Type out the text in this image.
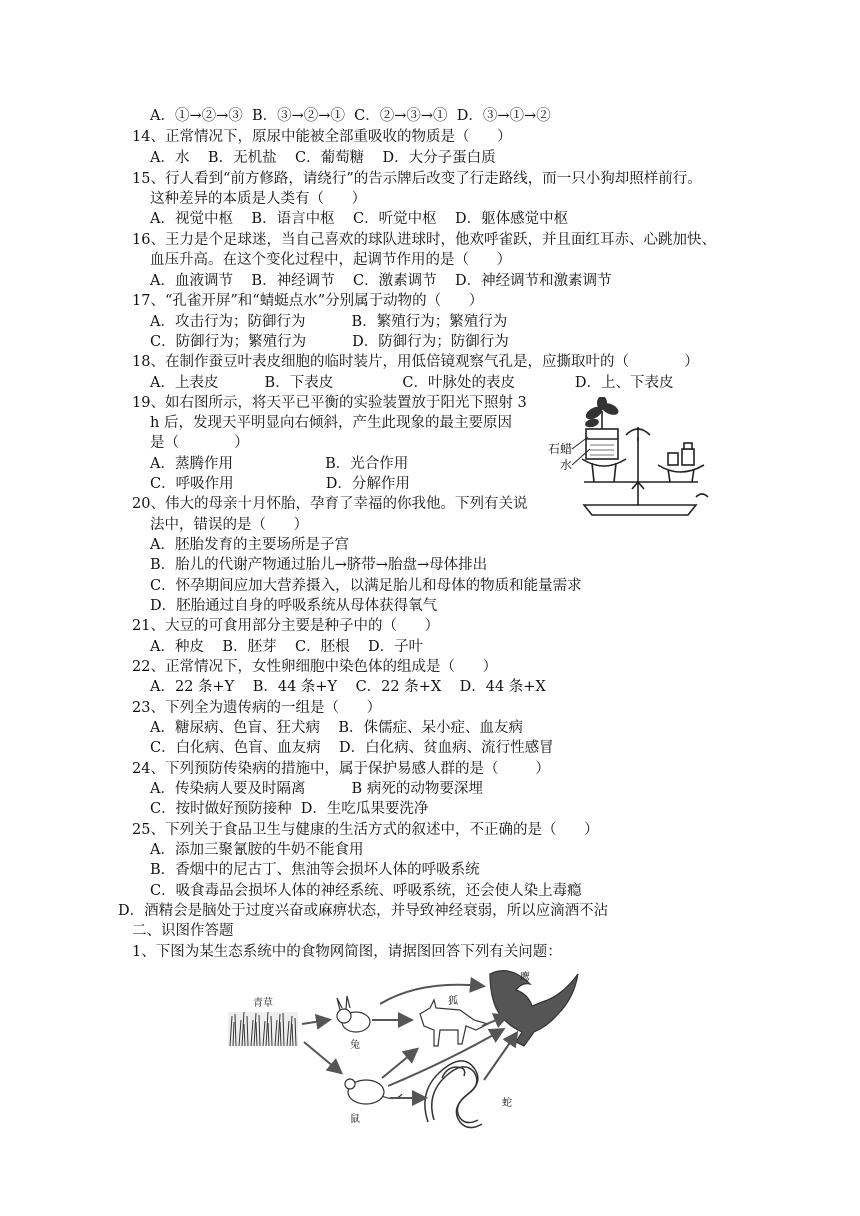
A．①→②→③  B．③→②→①  C．②→③→①  D．③→①→②
14、正常情况下，原尿中能被全部重吸收的物质是（      ）
A．水    B．无机盐    C．葡萄糖    D．大分子蛋白质
15、行人看到“前方修路，请绕行”的告示牌后改变了行走路线，而一只小狗却照样前行。
这种差异的本质是人类有（      ）
A．视觉中枢    B．语言中枢    C．听觉中枢    D．躯体感觉中枢
16、王力是个足球迷，当自己喜欢的球队进球时，他欢呼雀跃，并且面红耳赤、心跳加快、
血压升高。在这个变化过程中，起调节作用的是（      ）
A．血液调节    B．神经调节    C．激素调节    D．神经调节和激素调节
17、“孔雀开屏”和“蜻蜓点水”分别属于动物的（      ）
A．攻击行为；防御行为          B．繁殖行为；繁殖行为
C．防御行为；繁殖行为          D．防御行为；防御行为
18、在制作蚕豆叶表皮细胞的临时装片，用低倍镜观察气孔是，应撕取叶的（            ）
A．上表皮          B．下表皮               C．叶脉处的表皮             D．上、下表皮
19、如右图所示，将天平已平衡的实验装置放于阳光下照射 3
h 后，发现天平明显向右倾斜，产生此现象的最主要原因
是（            ）
A．蒸腾作用                    B．光合作用
C．呼吸作用                    D．分解作用
20、伟大的母亲十月怀胎，孕育了幸福的你我他。下列有关说
法中，错误的是（      ）
A．胚胎发育的主要场所是子宫
B．胎儿的代谢产物通过胎儿→脐带→胎盘→母体排出
C．怀孕期间应加大营养摄入，以满足胎儿和母体的物质和能量需求
D．胚胎通过自身的呼吸系统从母体获得氧气
21、大豆的可食用部分主要是种子中的（      ）
A．种皮    B．胚芽    C．胚根    D．子叶
22、正常情况下，女性卵细胞中染色体的组成是（      ）
A．22 条+Y    B．44 条+Y    C．22 条+X    D．44 条+X
23、下列全为遗传病的一组是（      ）
A．糖尿病、色盲、狂犬病    B．侏儒症、呆小症、血友病
C．白化病、色盲、血友病    D．白化病、贫血病、流行性感冒
24、下列预防传染病的措施中，属于保护易感人群的是（        ）
A．传染病人要及时隔离          B 病死的动物要深埋
C．按时做好预防接种  D．生吃瓜果要洗净
25、下列关于食品卫生与健康的生活方式的叙述中，不正确的是（      ）
A．添加三聚氰胺的牛奶不能食用
B．香烟中的尼古丁、焦油等会损坏人体的呼吸系统
C．吸食毒品会损坏人体的神经系统、呼吸系统，还会使人染上毒瘾
D．酒精会是脑处于过度兴奋或麻痹状态，并导致神经衰弱，所以应滴酒不沾
二、识图作答题
1、下图为某生态系统中的食物网简图，请据图回答下列有关问题：
石蜡
水
青草
兔
狐
鹰
鼠
蛇
